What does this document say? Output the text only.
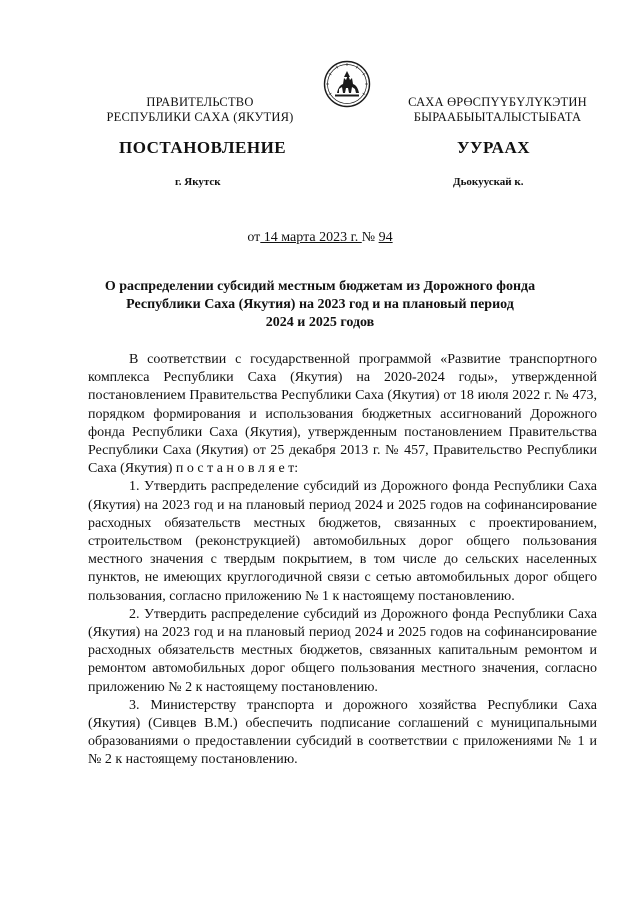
ПРАВИТЕЛЬСТВО
РЕСПУБЛИКИ САХА (ЯКУТИЯ)
САХА ӨРӨСПҮҮБҮЛҮКЭТИН
БЫРААБЫЫТАЛЫСТЫБАТА
ПОСТАНОВЛЕНИЕ	УУРААХ
г. Якутск	Дьокуускай к.
от 14 марта 2023 г. № 94
О распределении субсидий местным бюджетам из Дорожного фонда
Республики Саха (Якутия) на 2023 год и на плановый период
2024 и 2025 годов

В соответствии с государственной программой «Развитие транспортного комплекса Республики Саха (Якутия) на 2020-2024 годы», утвержденной постановлением Правительства Республики Саха (Якутия) от 18 июля 2022 г. № 473, порядком формирования и использования бюджетных ассигнований Дорожного фонда Республики Саха (Якутия), утвержденным постановлением Правительства Республики Саха (Якутия) от 25 декабря 2013 г. № 457, Правительство Республики Саха (Якутия) п о с т а н о в л я е т:

1. Утвердить распределение субсидий из Дорожного фонда Республики Саха (Якутия) на 2023 год и на плановый период 2024 и 2025 годов на софинансирование расходных обязательств местных бюджетов, связанных с проектированием, строительством (реконструкцией) автомобильных дорог общего пользования местного значения с твердым покрытием, в том числе до сельских населенных пунктов, не имеющих круглогодичной связи с сетью автомобильных дорог общего пользования, согласно приложению № 1 к настоящему постановлению.

2. Утвердить распределение субсидий из Дорожного фонда Республики Саха (Якутия) на 2023 год и на плановый период 2024 и 2025 годов на софинансирование расходных обязательств местных бюджетов, связанных капитальным ремонтом и ремонтом автомобильных дорог общего пользования местного значения, согласно приложению № 2 к настоящему постановлению.

3. Министерству транспорта и дорожного хозяйства Республики Саха (Якутия) (Сивцев В.М.) обеспечить подписание соглашений с муниципальными образованиями о предоставлении субсидий в соответствии с приложениями № 1 и № 2 к настоящему постановлению.
